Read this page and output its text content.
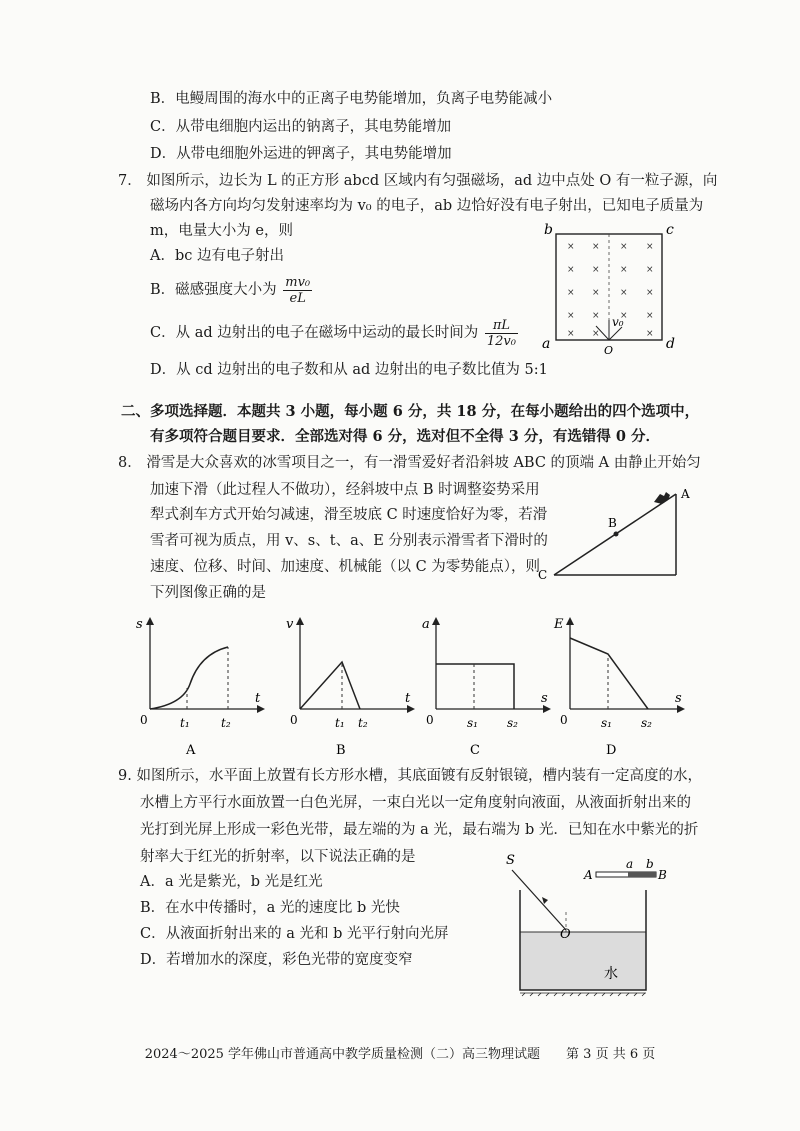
B．电鳗周围的海水中的正离子电势能增加，负离子电势能减小
C．从带电细胞内运出的钠离子，其电势能增加
D．从带电细胞外运进的钾离子，其电势能增加
7． 如图所示，边长为 L 的正方形 abcd 区域内有匀强磁场，ad 边中点处 O 有一粒子源，向
磁场内各方向均匀发射速率均为 v₀ 的电子，ab 边恰好没有电子射出，已知电子质量为
m，电量大小为 e，则
A．bc 边有电子射出
B．磁感强度大小为 $\frac{\text{mv₀}}{eL}$
C．从 ad 边射出的电子在磁场中运动的最长时间为 $\frac{\pi L}{\text{12v₀}}$
D．从 cd 边射出的电子数和从 ad 边射出的电子数比值为 5:1
× × × ×
× × × ×
× × × ×
× × × ×
× ×	×
b	c
a	d
O
v₀
二、多项选择题．本题共 3 小题，每小题 6 分，共 18 分，在每小题给出的四个选项中，
有多项符合题目要求．全部选对得 6 分，选对但不全得 3 分，有选错得 0 分．
8． 滑雪是大众喜欢的冰雪项目之一，有一滑雪爱好者沿斜坡 ABC 的顶端 A 由静止开始匀
加速下滑（此过程人不做功），经斜坡中点 B 时调整姿势采用
犁式刹车方式开始匀减速，滑至坡底 C 时速度恰好为零，若滑
雪者可视为质点，用 v、s、t、a、E 分别表示滑雪者下滑时的
速度、位移、时间、加速度、机械能（以 C 为零势能点），则
下列图像正确的是
A
B
C
s
t
0	t₁	t₂
A
v
t
0	t₁ t₂
B
a
s
0	s₁ s₂
C
E
s
0	s₁ s₂
D
9. 如图所示，水平面上放置有长方形水槽，其底面镀有反射银镜，槽内装有一定高度的水，
水槽上方平行水面放置一白色光屏，一束白光以一定角度射向液面，从液面折射出来的
光打到光屏上形成一彩色光带，最左端的为 a 光，最右端为 b 光．已知在水中紫光的折
射率大于红光的折射率，以下说法正确的是
A．a 光是紫光，b 光是红光
B．在水中传播时，a 光的速度比 b 光快
C．从液面折射出来的 a 光和 b 光平行射向光屏
D．若增加水的深度，彩色光带的宽度变窄
S
O
水
A
a b
B
2024～2025 学年佛山市普通高中教学质量检测（二）高三物理试题　　第 3 页 共 6 页
